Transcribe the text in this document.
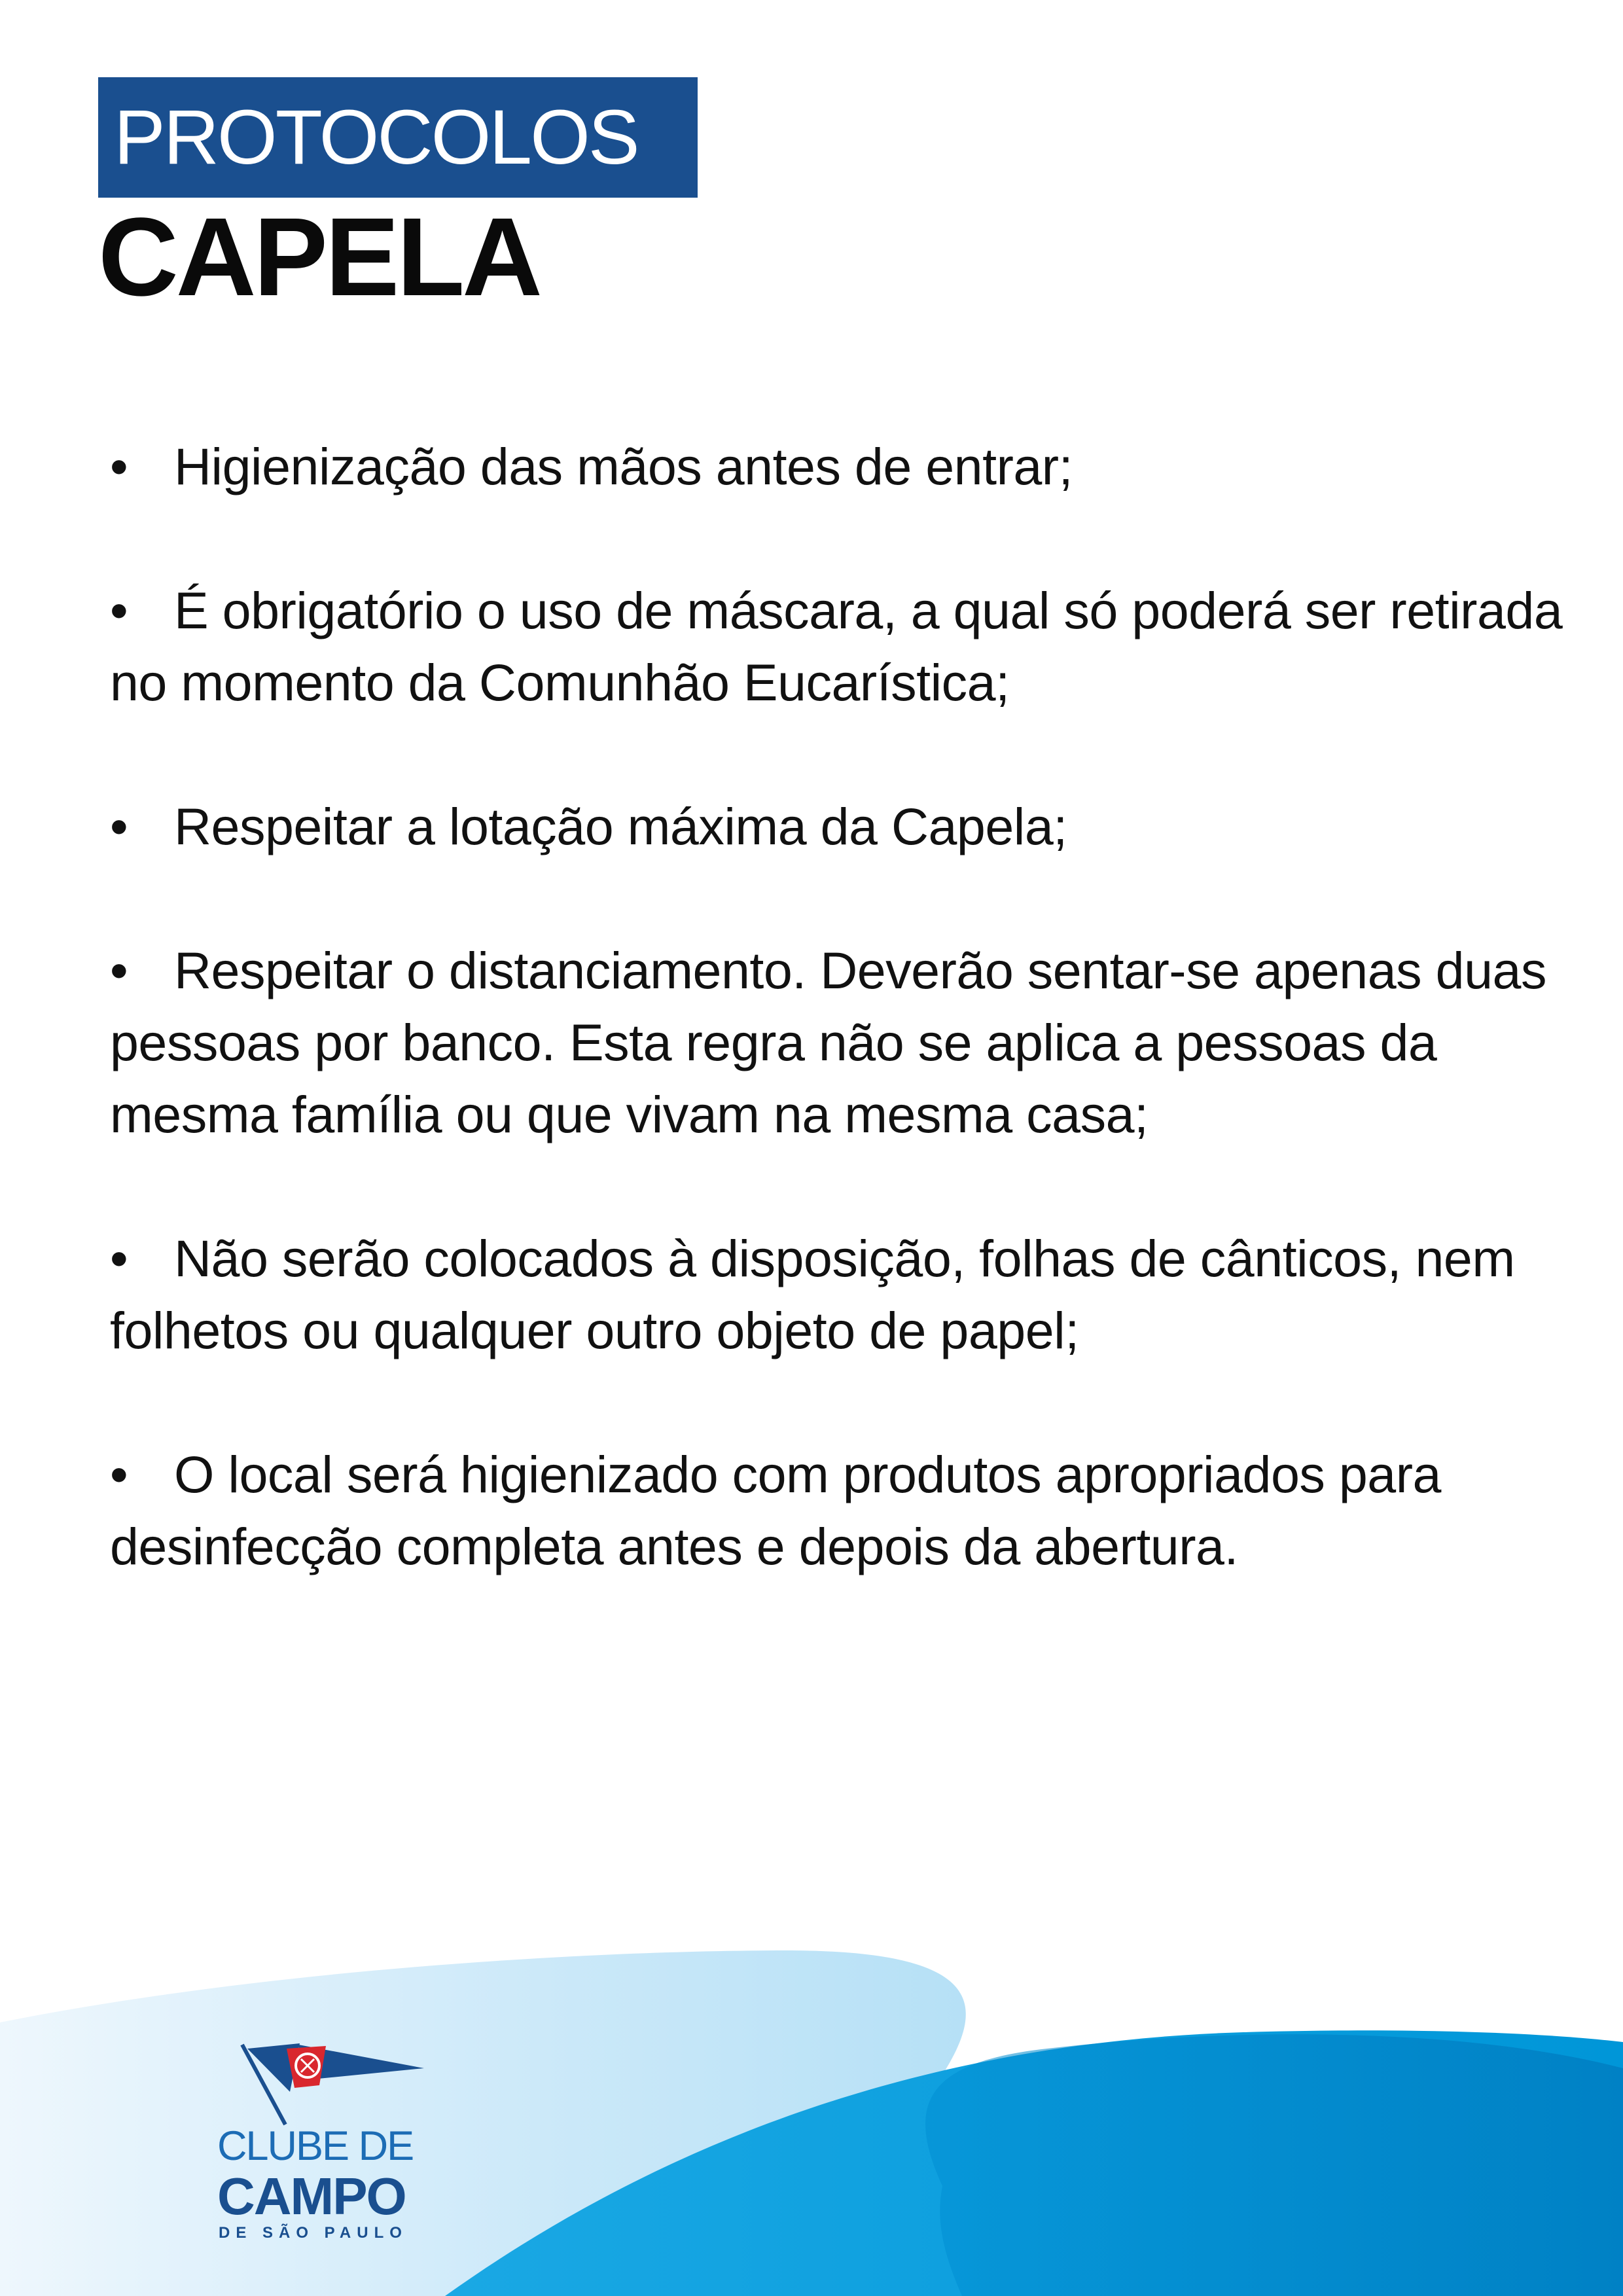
PROTOCOLOS
CAPELA
• Higienização das mãos antes de entrar;
• É obrigatório o uso de máscara, a qual só poderá ser retirada no momento da Comunhão Eucarística;
• Respeitar a lotação máxima da Capela;
• Respeitar o distanciamento. Deverão sentar-se apenas duas pessoas por banco. Esta regra não se aplica a pessoas da mesma família ou que vivam na mesma casa;
• Não serão colocados à disposição, folhas de cânticos, nem folhetos ou qualquer outro objeto de papel;
• O local será higienizado com produtos apropriados para desinfecção completa antes e depois da abertura.
CLUBE DE
CAMPO
DE SÃO PAULO
